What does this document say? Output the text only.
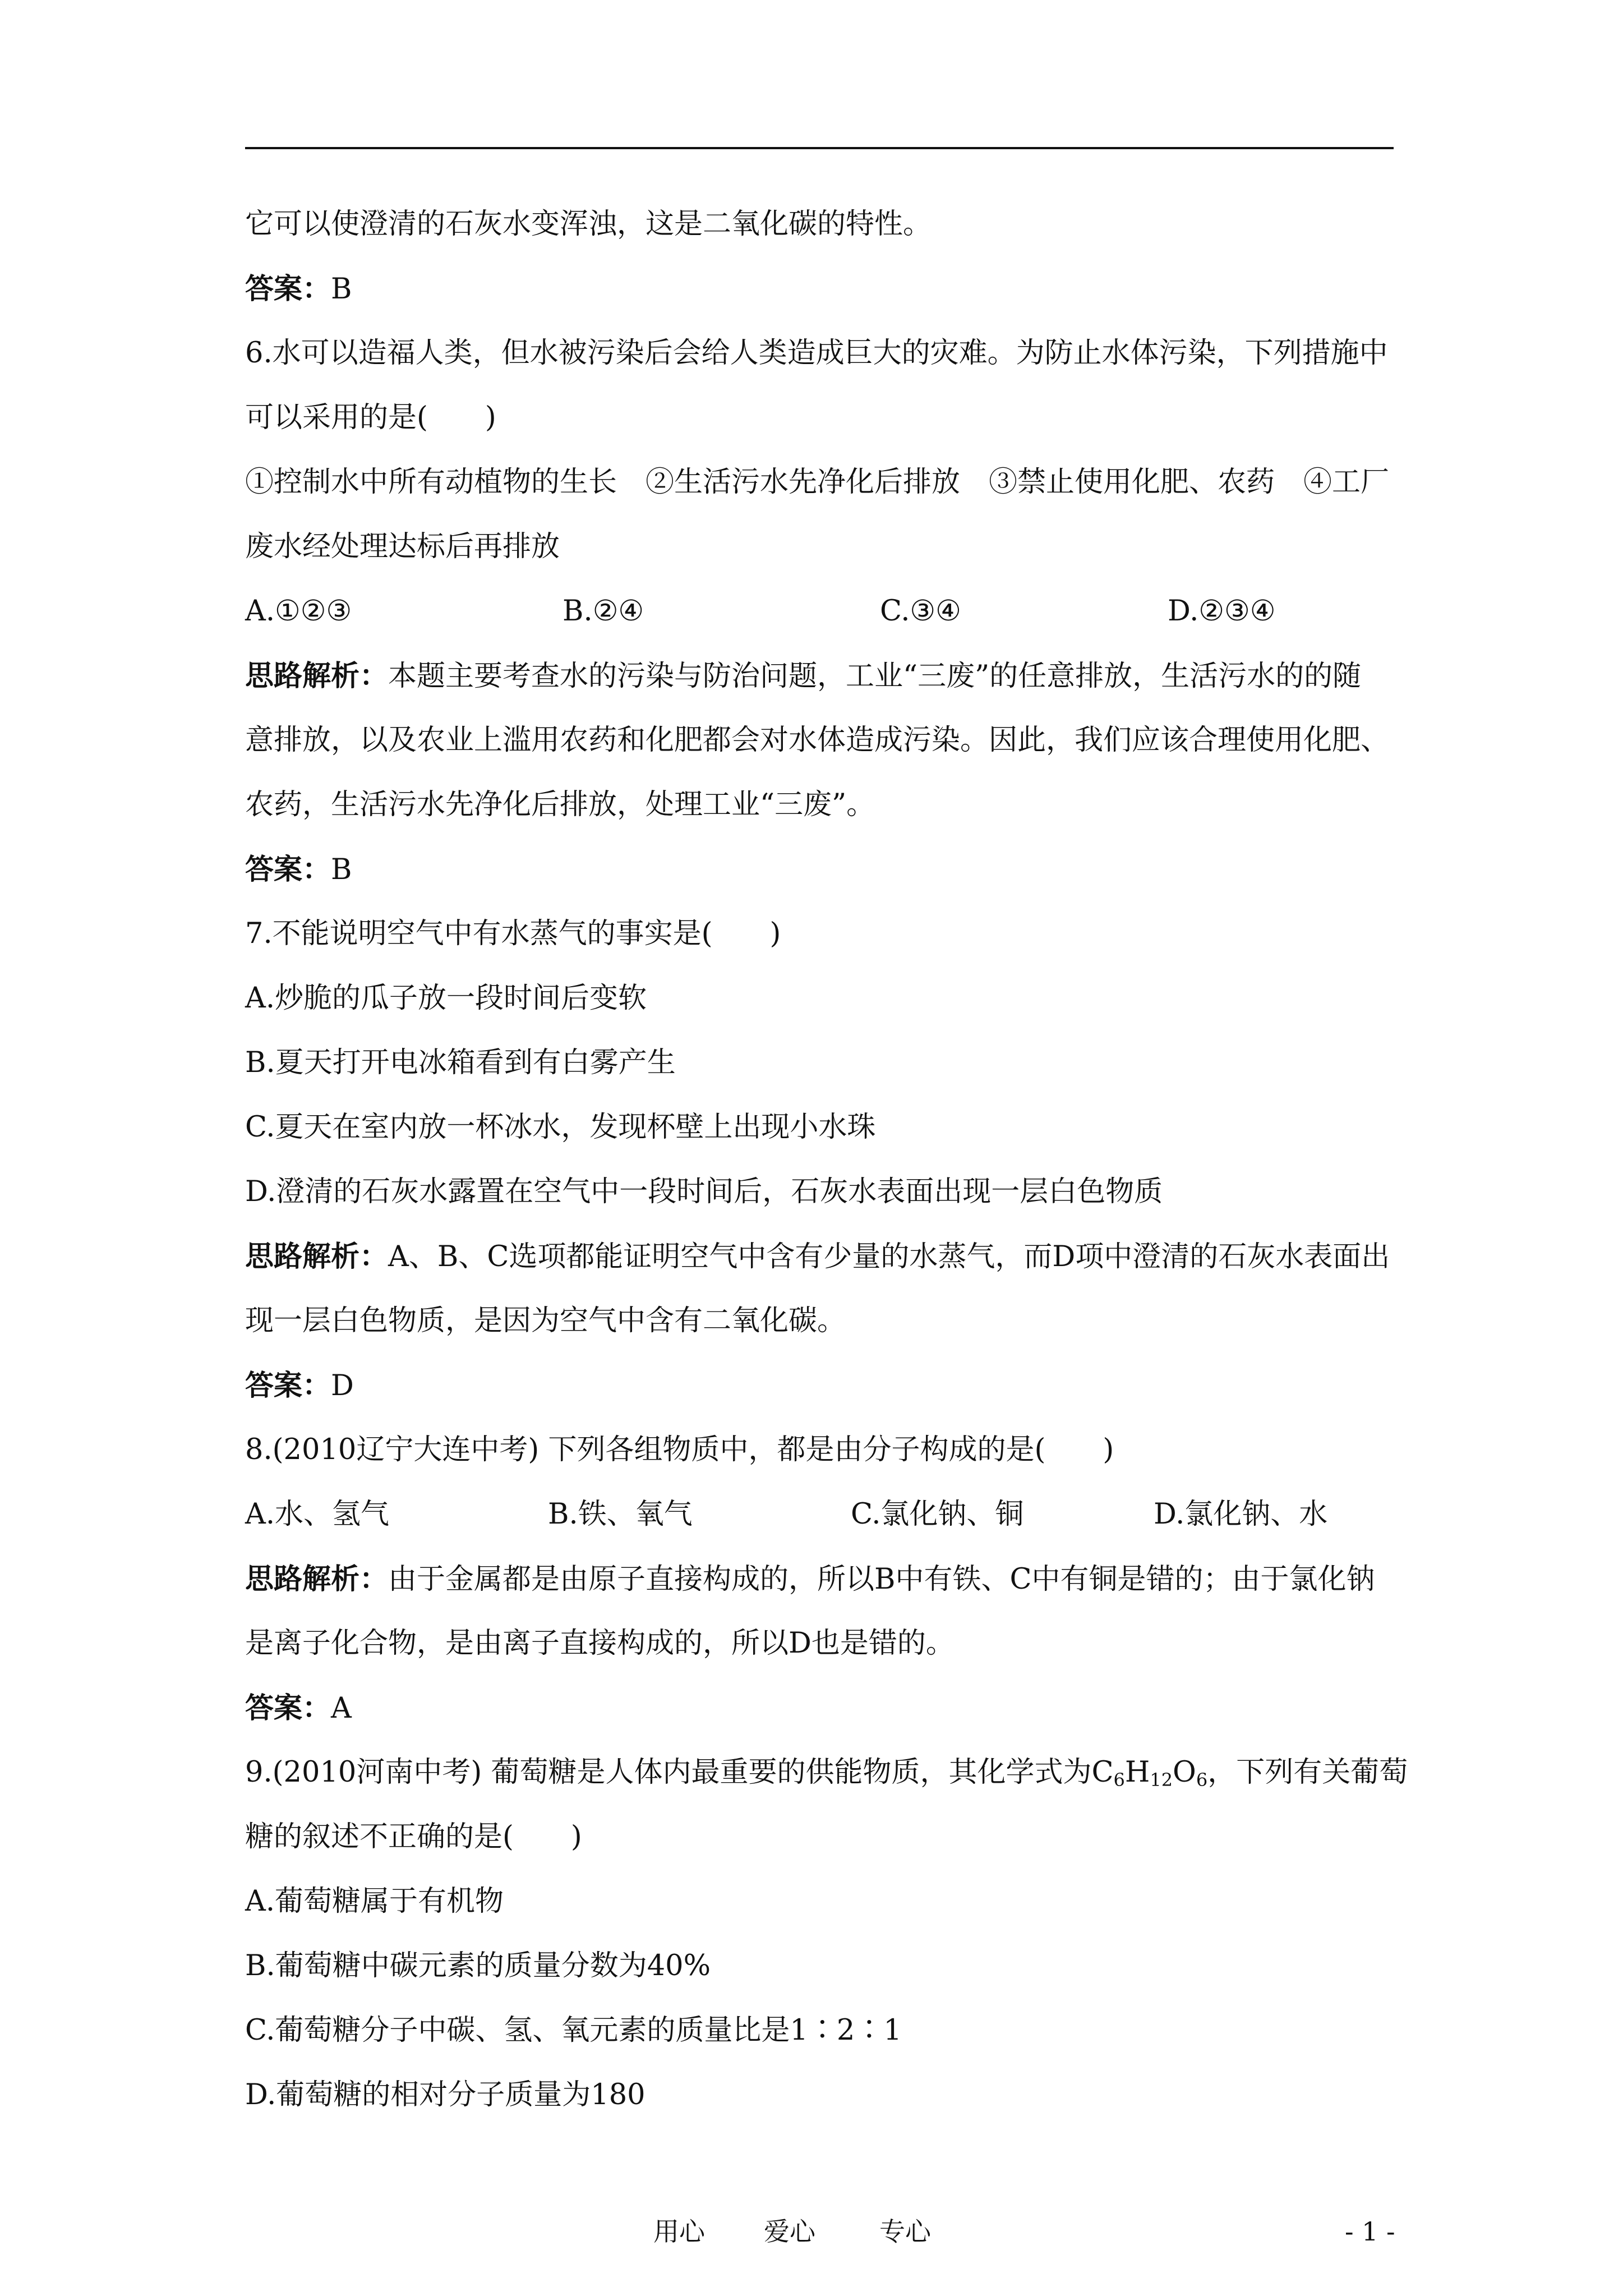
它可以使澄清的石灰水变浑浊，这是二氧化碳的特性。
答案：B
6.水可以造福人类，但水被污染后会给人类造成巨大的灾难。为防止水体污染，下列措施中
可以采用的是(　　)
①控制水中所有动植物的生长　②生活污水先净化后排放　③禁止使用化肥、农药　④工厂
废水经处理达标后再排放
A.①②③	B.②④	C.③④	D.②③④
思路解析：本题主要考查水的污染与防治问题，工业“三废”的任意排放，生活污水的的随
意排放，以及农业上滥用农药和化肥都会对水体造成污染。因此，我们应该合理使用化肥、
农药，生活污水先净化后排放，处理工业“三废”。
答案：B
7.不能说明空气中有水蒸气的事实是(　　)
A.炒脆的瓜子放一段时间后变软
B.夏天打开电冰箱看到有白雾产生
C.夏天在室内放一杯冰水，发现杯壁上出现小水珠
D.澄清的石灰水露置在空气中一段时间后，石灰水表面出现一层白色物质
思路解析：A、B、C选项都能证明空气中含有少量的水蒸气，而D项中澄清的石灰水表面出
现一层白色物质，是因为空气中含有二氧化碳。
答案：D
8.(2010辽宁大连中考) 下列各组物质中，都是由分子构成的是(　　)
A.水、氢气	B.铁、氧气	C.氯化钠、铜	D.氯化钠、水
思路解析：由于金属都是由原子直接构成的，所以B中有铁、C中有铜是错的；由于氯化钠
是离子化合物，是由离子直接构成的，所以D也是错的。
答案：A
9.(2010河南中考) 葡萄糖是人体内最重要的供能物质，其化学式为$C_6H_{12}O_6$，下列有关葡萄
糖的叙述不正确的是(　　)
A.葡萄糖属于有机物
B.葡萄糖中碳元素的质量分数为40%
C.葡萄糖分子中碳、氢、氧元素的质量比是1∶2∶1
D.葡萄糖的相对分子质量为180
用心 爱心 专心	- 1 -
